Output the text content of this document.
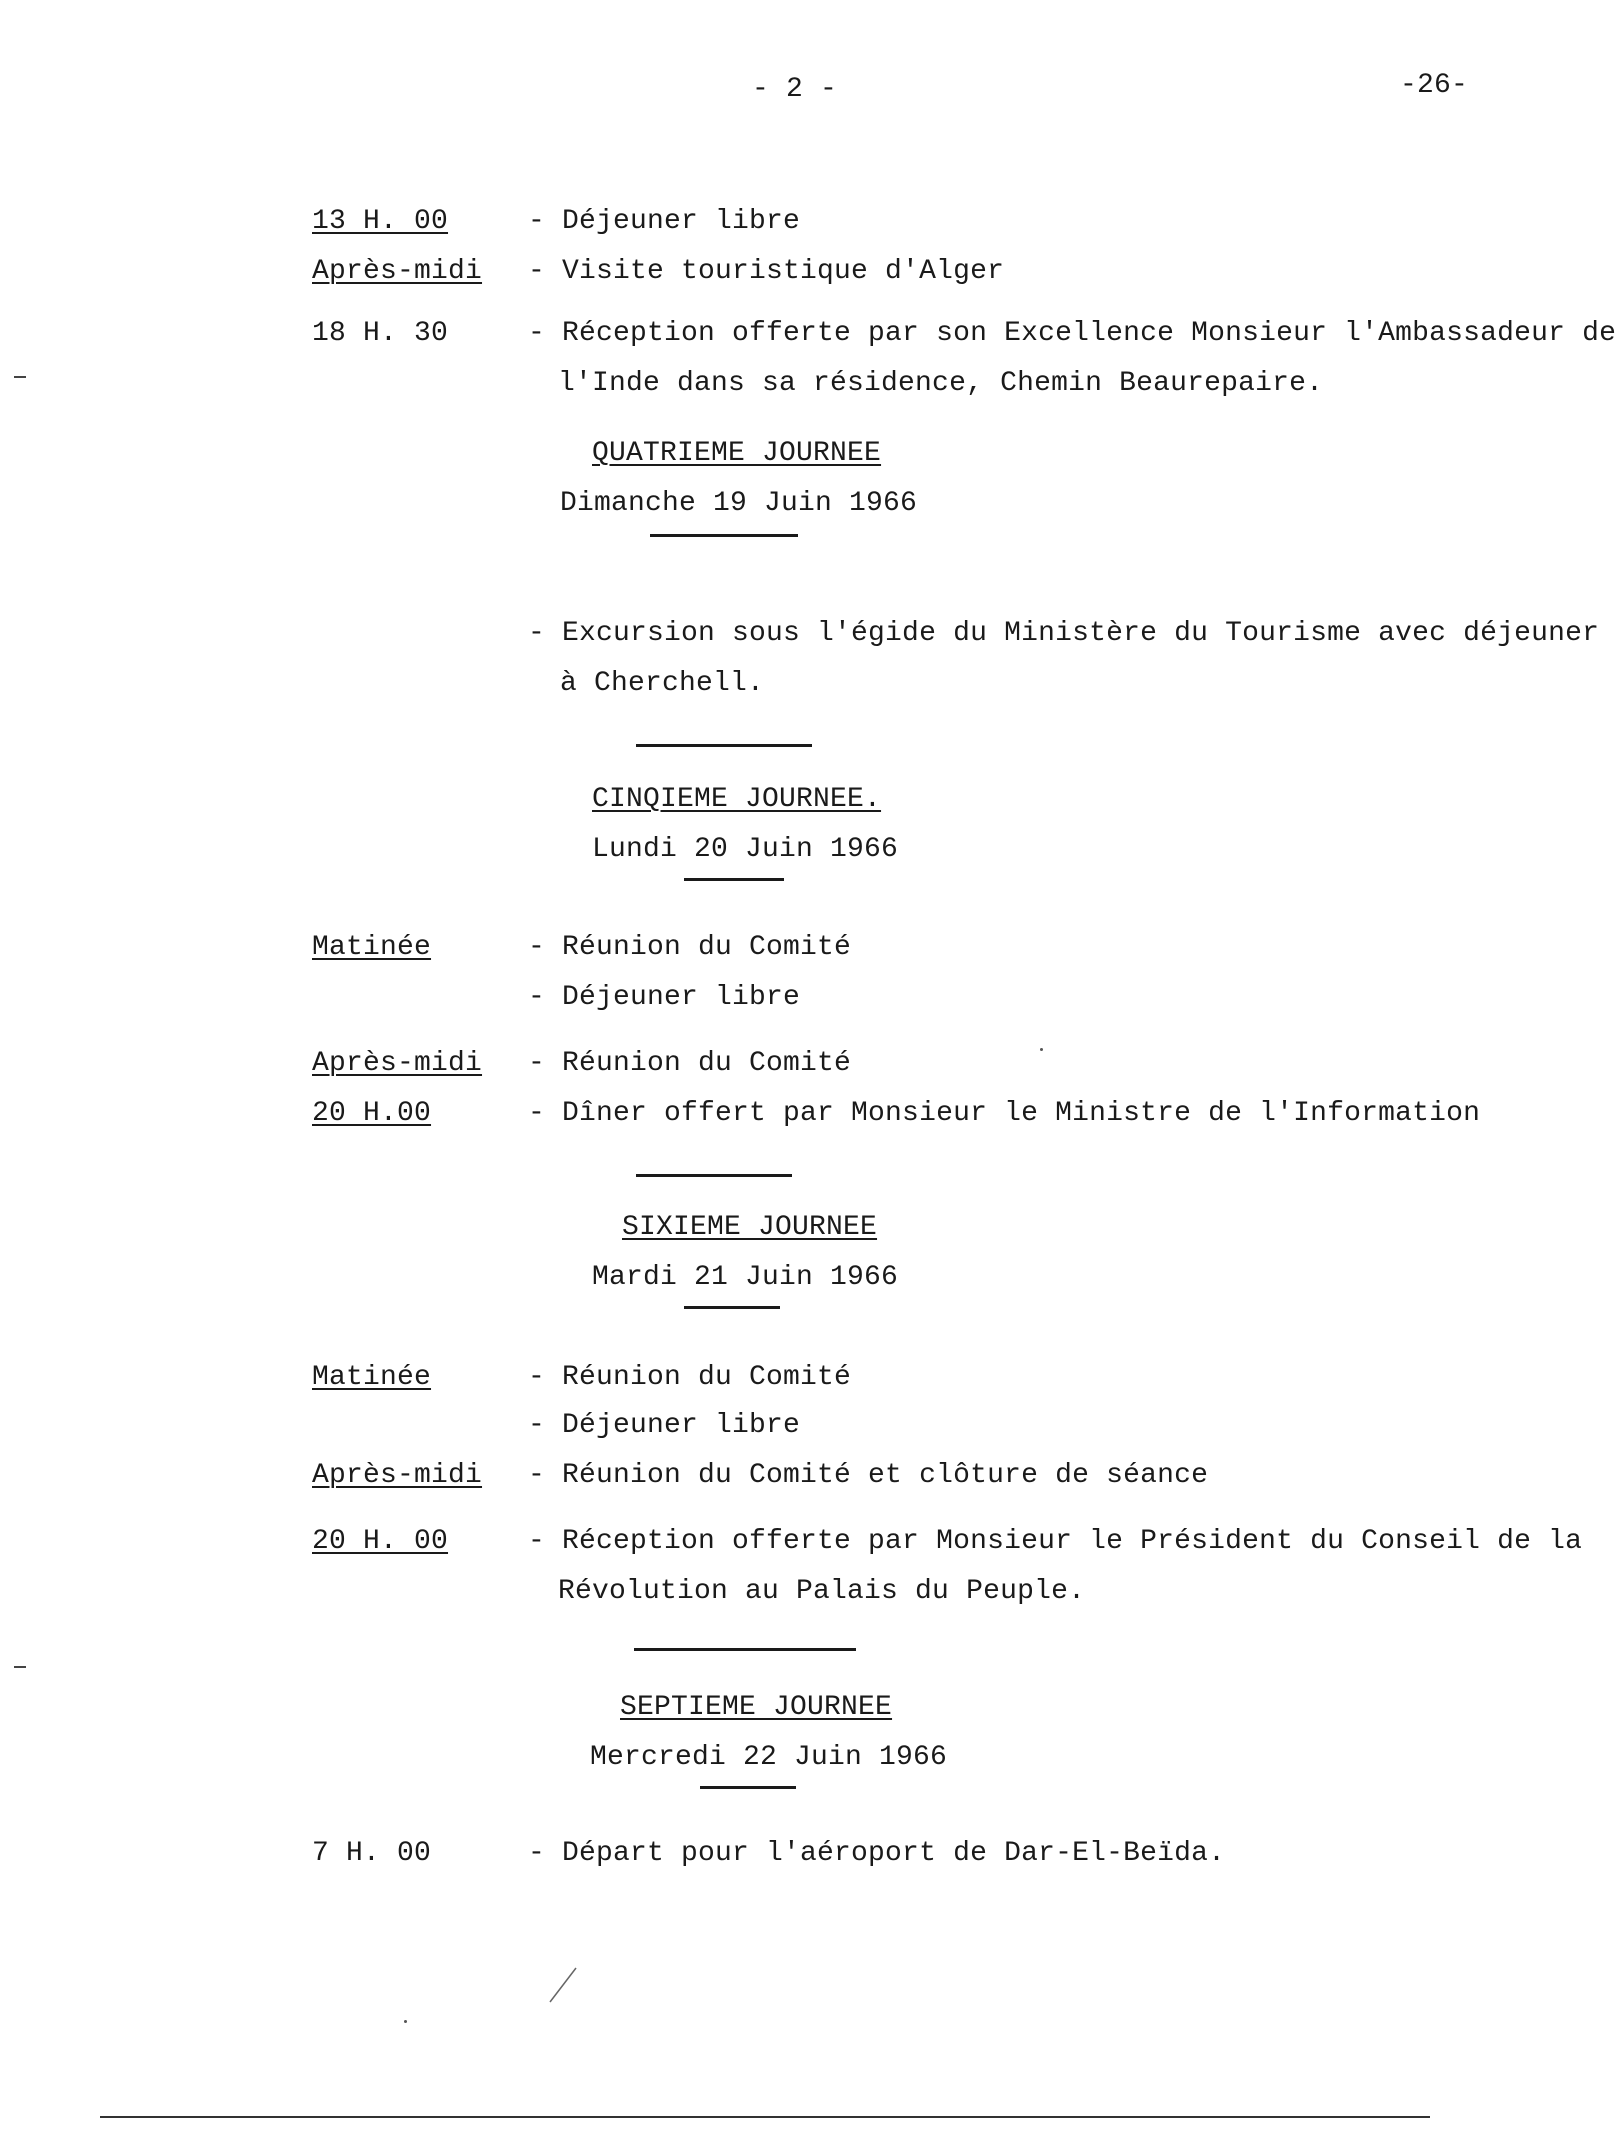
- 2 -	-26-
13 H. 00	- Déjeuner libre
Après-midi - Visite touristique d'Alger
18 H. 30	- Réception offerte par son Excellence Monsieur l'Ambassadeur de
l'Inde dans sa résidence, Chemin Beaurepaire.
QUATRIEME JOURNEE
Dimanche 19 Juin 1966
- Excursion sous l'égide du Ministère du Tourisme avec déjeuner
à Cherchell.
CINQIEME JOURNEE.
Lundi 20 Juin 1966
Matinée	- Réunion du Comité
- Déjeuner libre
Après-midi - Réunion du Comité
20 H.00	- Dîner offert par Monsieur le Ministre de l'Information
SIXIEME JOURNEE
Mardi 21 Juin 1966
Matinée	- Réunion du Comité
- Déjeuner libre
Après-midi - Réunion du Comité et clôture de séance
20 H. 00	- Réception offerte par Monsieur le Président du Conseil de la
Révolution au Palais du Peuple.
SEPTIEME JOURNEE
Mercredi 22 Juin 1966
7 H. 00	- Départ pour l'aéroport de Dar-El-Beïda.
